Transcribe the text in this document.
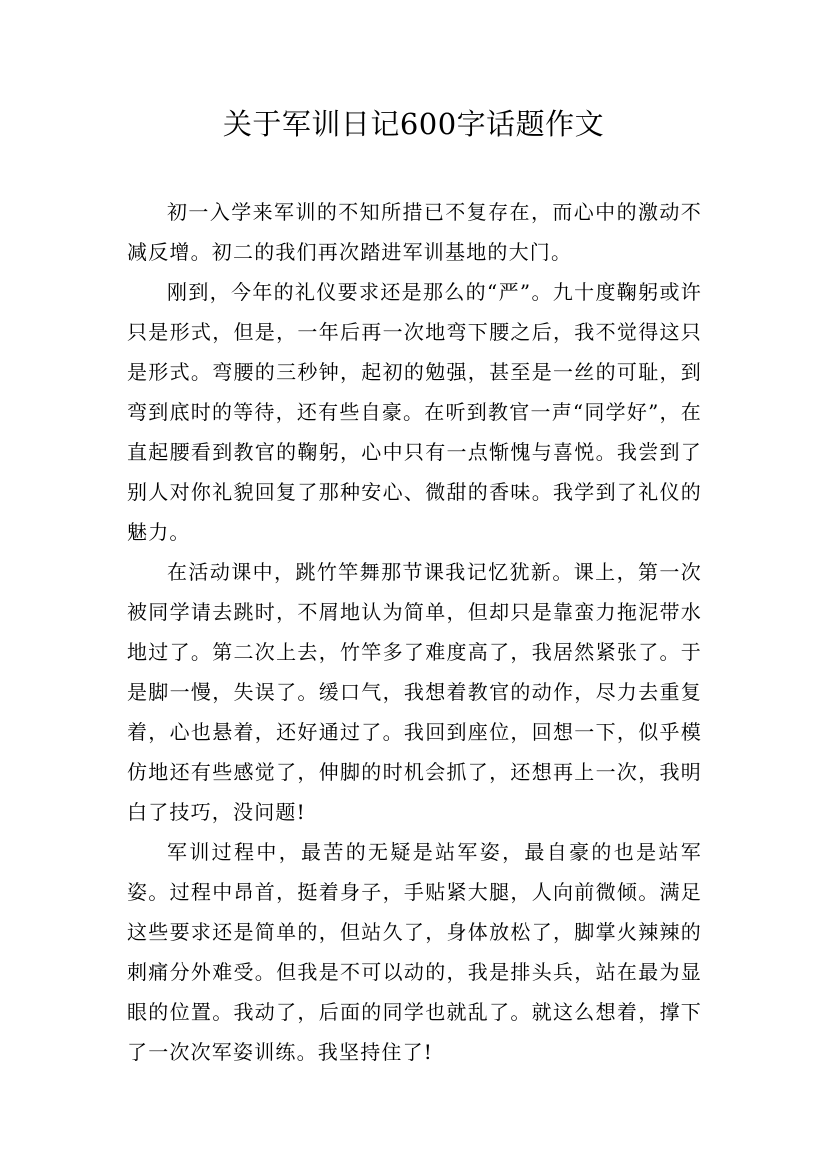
关于军训日记600字话题作文

初一入学来军训的不知所措已不复存在，而心中的激动不减反增。初二的我们再次踏进军训基地的大门。

刚到，今年的礼仪要求还是那么的“严”。九十度鞠躬或许只是形式，但是，一年后再一次地弯下腰之后，我不觉得这只是形式。弯腰的三秒钟，起初的勉强，甚至是一丝的可耻，到弯到底时的等待，还有些自豪。在听到教官一声“同学好”，在直起腰看到教官的鞠躬，心中只有一点惭愧与喜悦。我尝到了别人对你礼貌回复了那种安心、微甜的香味。我学到了礼仪的魅力。

在活动课中，跳竹竿舞那节课我记忆犹新。课上，第一次被同学请去跳时，不屑地认为简单，但却只是靠蛮力拖泥带水地过了。第二次上去，竹竿多了难度高了，我居然紧张了。于是脚一慢，失误了。缓口气，我想着教官的动作，尽力去重复着，心也悬着，还好通过了。我回到座位，回想一下，似乎模仿地还有些感觉了，伸脚的时机会抓了，还想再上一次，我明白了技巧，没问题!

军训过程中，最苦的无疑是站军姿，最自豪的也是站军姿。过程中昂首，挺着身子，手贴紧大腿，人向前微倾。满足这些要求还是简单的，但站久了，身体放松了，脚掌火辣辣的刺痛分外难受。但我是不可以动的，我是排头兵，站在最为显眼的位置。我动了，后面的同学也就乱了。就这么想着，撑下了一次次军姿训练。我坚持住了!
